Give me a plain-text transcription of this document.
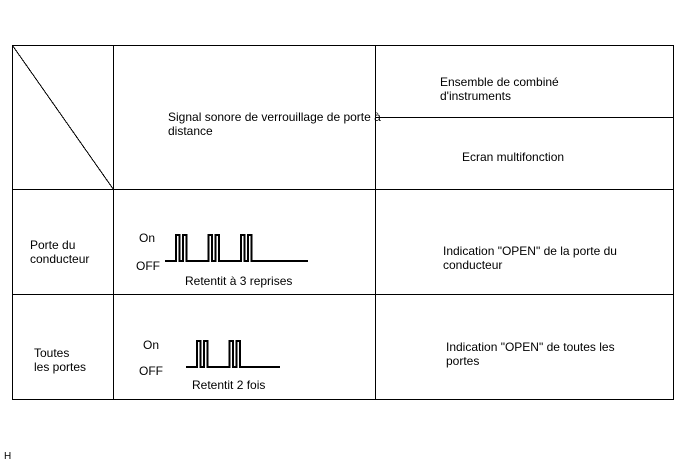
Signal sonore de verrouillage de porte à
distance
Ensemble de combiné
d'instruments
Ecran multifonction
Porte du
conducteur
On
OFF
Retentit à 3 reprises
Indication "OPEN" de la porte du
conducteur
Toutes
les portes
On
OFF
Retentit 2 fois
Indication "OPEN" de toutes les
portes
H
